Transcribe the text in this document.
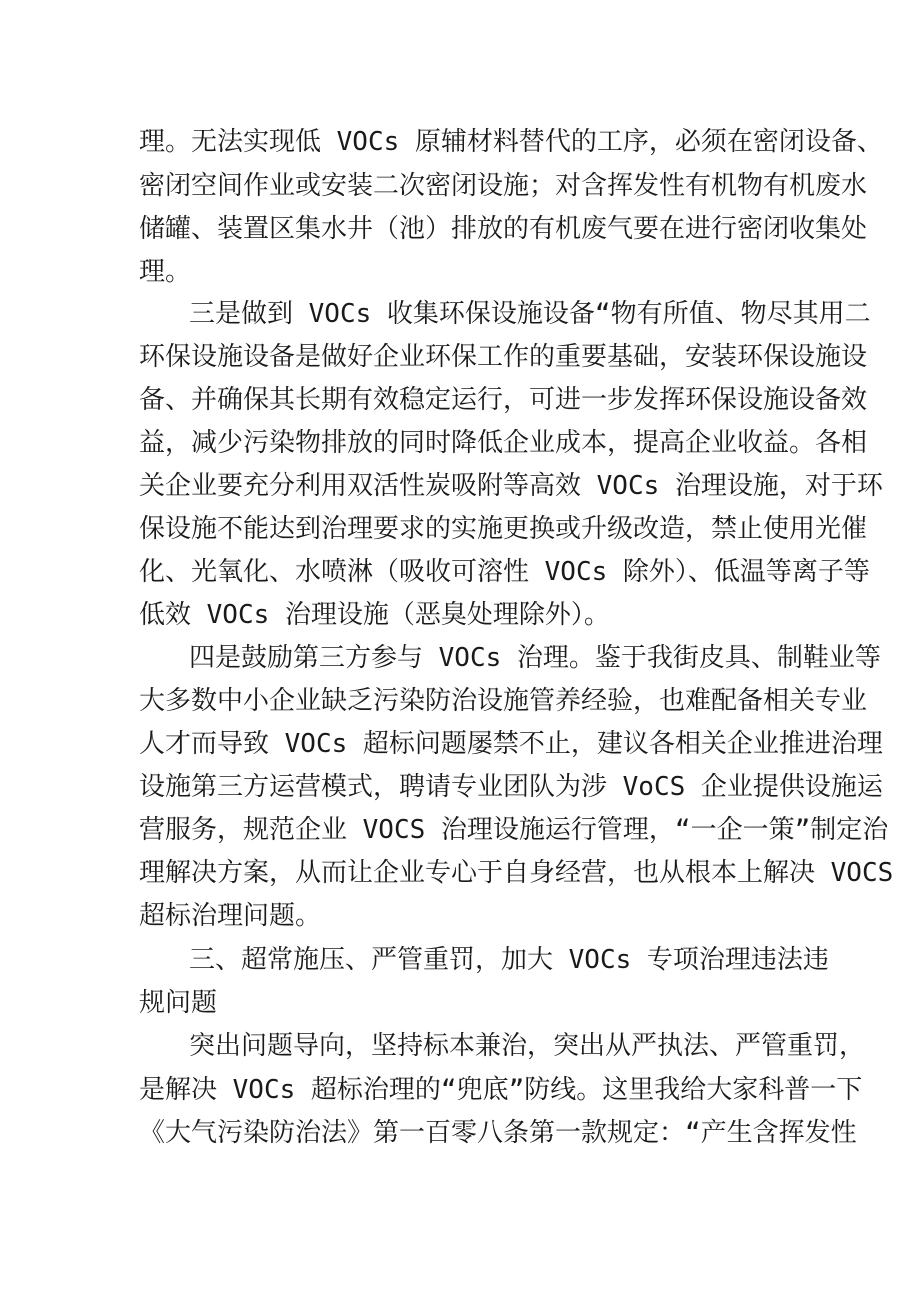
理。无法实现低 VOCs 原辅材料替代的工序，必须在密闭设备、
密闭空间作业或安装二次密闭设施；对含挥发性有机物有机废水
储罐、装置区集水井（池）排放的有机废气要在进行密闭收集处
理。
三是做到 VOCs 收集环保设施设备“物有所值、物尽其用二
环保设施设备是做好企业环保工作的重要基础，安装环保设施设
备、并确保其长期有效稳定运行，可进一步发挥环保设施设备效
益，减少污染物排放的同时降低企业成本，提高企业收益。各相
关企业要充分利用双活性炭吸附等高效 VOCs 治理设施，对于环
保设施不能达到治理要求的实施更换或升级改造，禁止使用光催
化、光氧化、水喷淋（吸收可溶性 VOCs 除外）、低温等离子等
低效 VOCs 治理设施（恶臭处理除外）。
四是鼓励第三方参与 VOCs 治理。鉴于我街皮具、制鞋业等
大多数中小企业缺乏污染防治设施管养经验，也难配备相关专业
人才而导致 VOCs 超标问题屡禁不止，建议各相关企业推进治理
设施第三方运营模式，聘请专业团队为涉 VoCS 企业提供设施运
营服务，规范企业 VOCS 治理设施运行管理，“一企一策”制定治
理解决方案，从而让企业专心于自身经营，也从根本上解决 VOCS
超标治理问题。
三、超常施压、严管重罚，加大 VOCs 专项治理违法违
规问题
突出问题导向，坚持标本兼治，突出从严执法、严管重罚，
是解决 VOCs 超标治理的“兜底”防线。这里我给大家科普一下
《大气污染防治法》第一百零八条第一款规定：“产生含挥发性
